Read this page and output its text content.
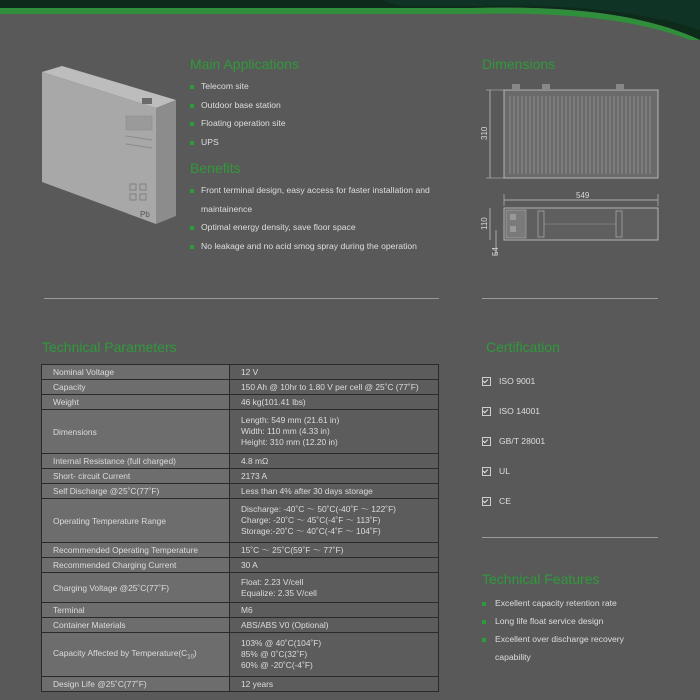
Pb
Main Applications
Telecom site
Outdoor base station
Floating operation site
UPS
Benefits
Front terminal design, easy access for faster installation and
maintainence
Optimal energy density, save floor space
No leakage and no acid smog spray during the operation
Dimensions
310
549
110
54
Technical Parameters
Nominal Voltage	12 V

Capacity	150 Ah @ 10hr to 1.80 V per cell @ 25˚C (77˚F)

Weight	46 kg(101.41 lbs)

Dimensions	Length: 549 mm (21.61 in)
Width: 110 mm (4.33 in)
Height: 310 mm (12.20 in)

Internal Resistance (full charged)	4.8 mΩ

Short- circuit Current	2173 A

Self Discharge @25˚C(77˚F)	Less than 4% after 30 days storage

Operating Temperature Range	Discharge: -40˚C ～ 50˚C(-40˚F ～ 122˚F)
Charge: -20˚C ～ 45˚C(-4˚F ～ 113˚F)
Storage:-20˚C ～ 40˚C(-4˚F ～ 104˚F)

Recommended Operating Temperature	15˚C ～ 25˚C(59˚F ～ 77˚F)

Recommended Charging Current	30 A

Charging Voltage @25˚C(77˚F)	Float: 2.23 V/cell
Equalize: 2.35 V/cell

Terminal	M6

Container Materials	ABS/ABS V0 (Optional)

Capacity Affected by $Temperature(C_{10})$	103% @ 40˚C(104˚F)
85% @ 0˚C(32˚F)
60% @ -20˚C(-4˚F)

Design Life @25˚C(77˚F)	12 years
Certification
ISO 9001
ISO 14001
GB/T 28001
UL
CE
Technical Features
Excellent capacity retention rate
Long life float service design
Excellent over discharge recovery
capability
